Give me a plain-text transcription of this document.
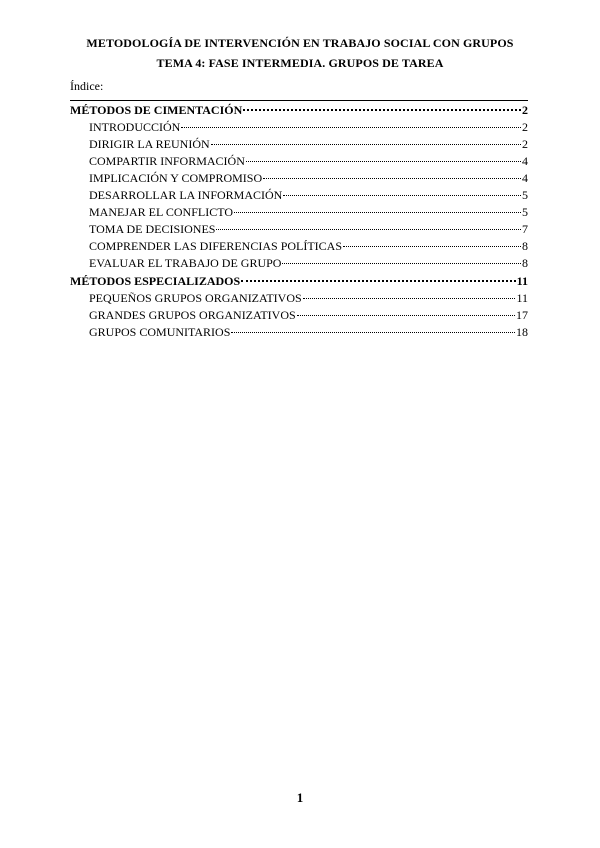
METODOLOGÍA DE INTERVENCIÓN EN TRABAJO SOCIAL CON GRUPOS
TEMA 4: FASE INTERMEDIA. GRUPOS DE TAREA
Índice:
MÉTODOS DE CIMENTACIÓN	2
INTRODUCCIÓN	2
DIRIGIR LA REUNIÓN	2
COMPARTIR INFORMACIÓN	4
IMPLICACIÓN Y COMPROMISO	4
DESARROLLAR LA INFORMACIÓN	5
MANEJAR EL CONFLICTO	5
TOMA DE DECISIONES	7
COMPRENDER LAS DIFERENCIAS POLÍTICAS	8
EVALUAR EL TRABAJO DE GRUPO	8
MÉTODOS ESPECIALIZADOS	11
PEQUEÑOS GRUPOS ORGANIZATIVOS	11
GRANDES GRUPOS ORGANIZATIVOS	17
GRUPOS COMUNITARIOS	18
1
